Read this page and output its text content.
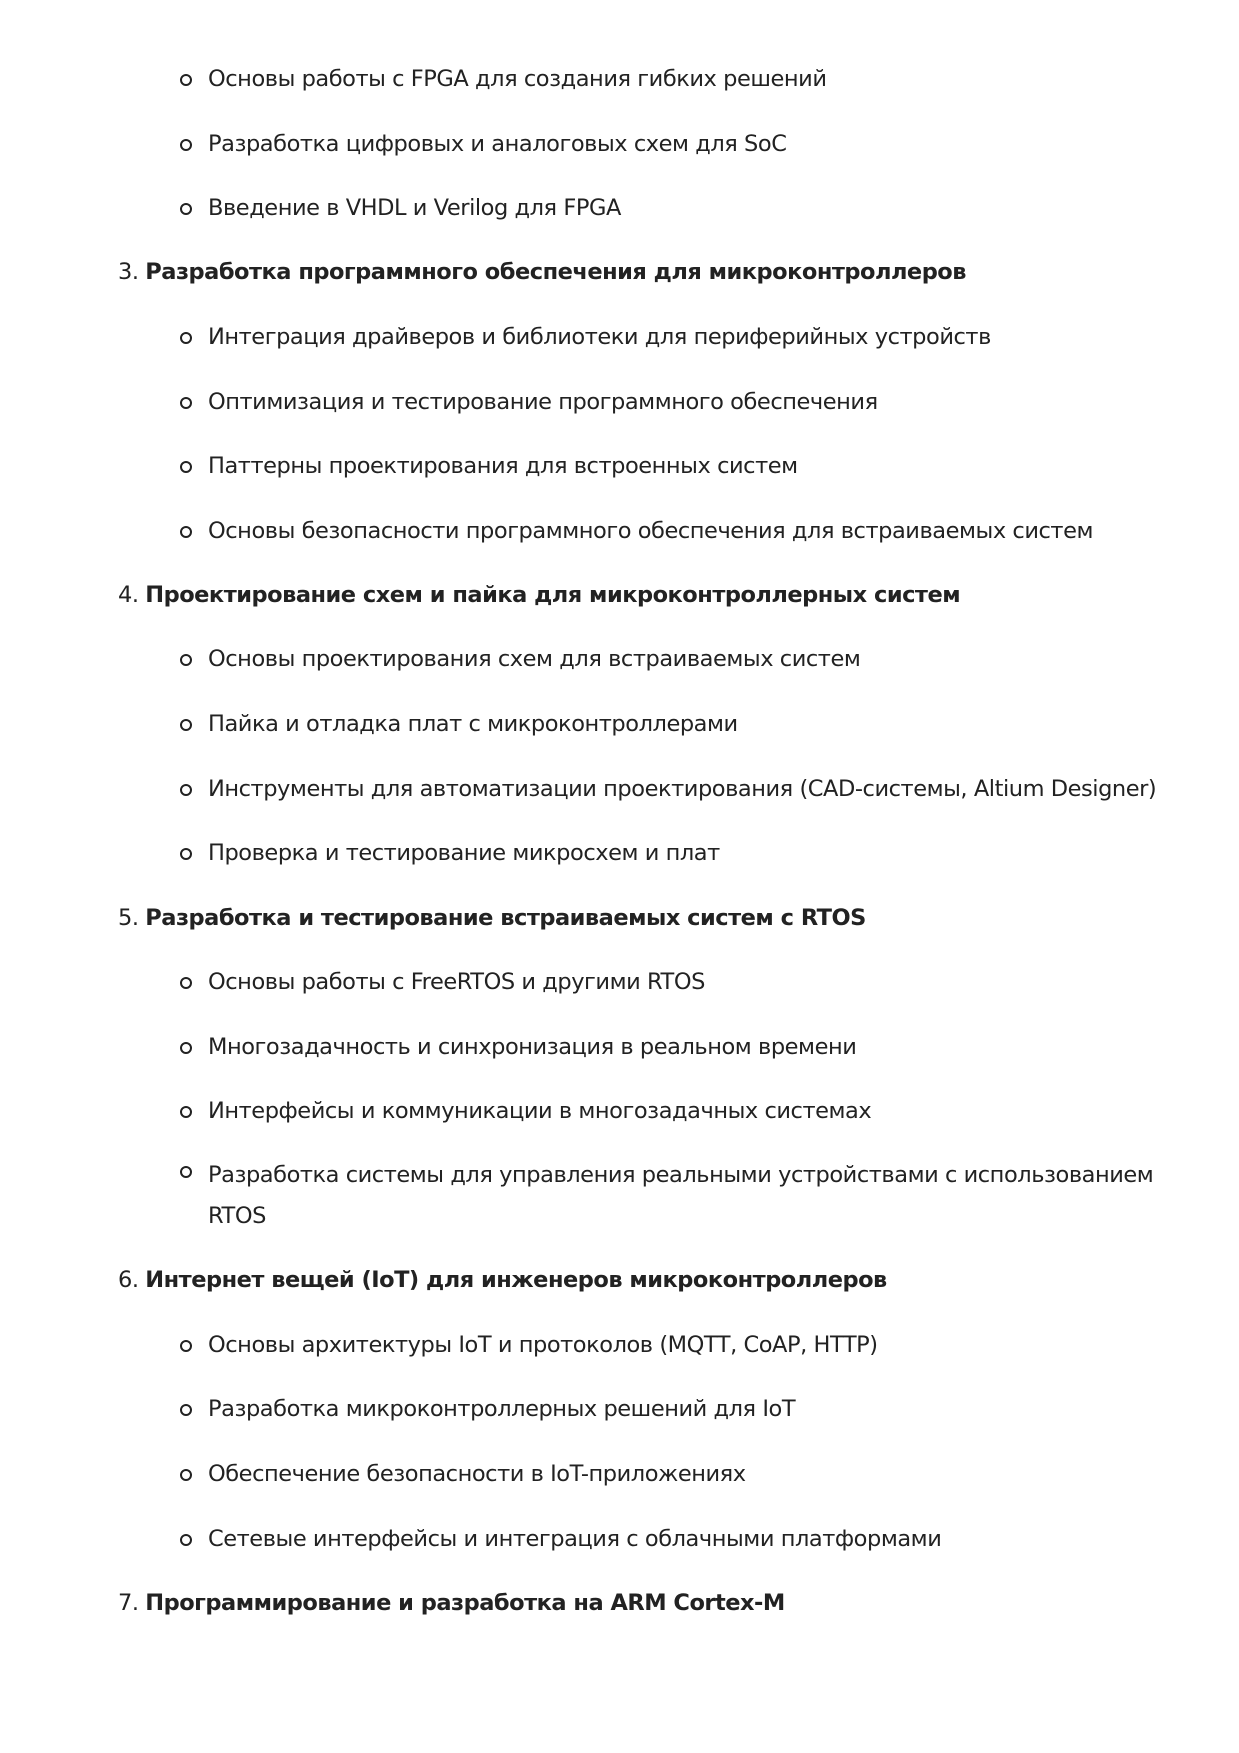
Основы работы с FPGA для создания гибких решений
Разработка цифровых и аналоговых схем для SoC
Введение в VHDL и Verilog для FPGA
3. Разработка программного обеспечения для микроконтроллеров
Интеграция драйверов и библиотеки для периферийных устройств
Оптимизация и тестирование программного обеспечения
Паттерны проектирования для встроенных систем
Основы безопасности программного обеспечения для встраиваемых систем
4. Проектирование схем и пайка для микроконтроллерных систем
Основы проектирования схем для встраиваемых систем
Пайка и отладка плат с микроконтроллерами
Инструменты для автоматизации проектирования (CAD-системы, Altium Designer)
Проверка и тестирование микросхем и плат
5. Разработка и тестирование встраиваемых систем с RTOS
Основы работы с FreeRTOS и другими RTOS
Многозадачность и синхронизация в реальном времени
Интерфейсы и коммуникации в многозадачных системах
Разработка системы для управления реальными устройствами с использованием RTOS
6. Интернет вещей (IoT) для инженеров микроконтроллеров
Основы архитектуры IoT и протоколов (MQTT, CoAP, HTTP)
Разработка микроконтроллерных решений для IoT
Обеспечение безопасности в IoT-приложениях
Сетевые интерфейсы и интеграция с облачными платформами
7. Программирование и разработка на ARM Cortex-M
